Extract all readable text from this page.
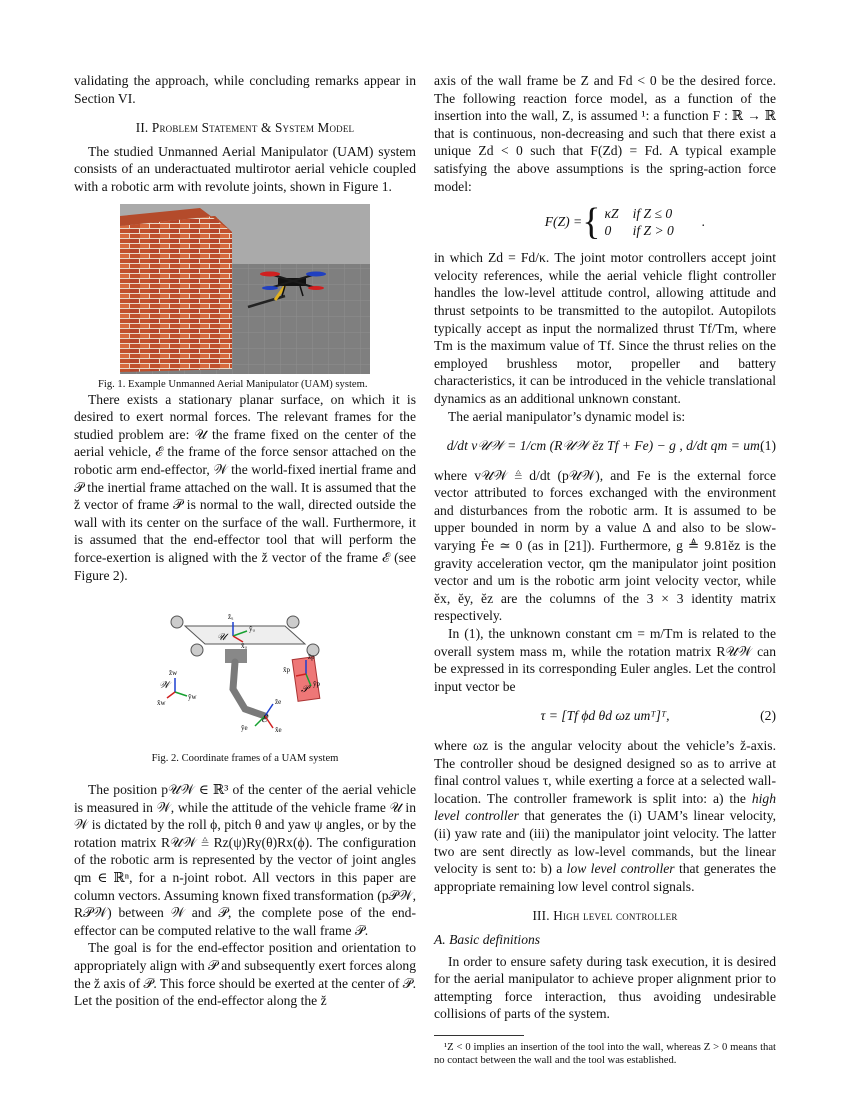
validating the approach, while concluding remarks appear in Section VI.

II. Problem Statement & System Model

The studied Unmanned Aerial Manipulator (UAM) system consists of an underactuated multirotor aerial vehicle coupled with a robotic arm with revolute joints, shown in Figure 1.

Fig. 1. Example Unmanned Aerial Manipulator (UAM) system.

There exists a stationary planar surface, on which it is desired to exert normal forces. The relevant frames for the studied problem are: 𝒰 the frame fixed on the center of the aerial vehicle, ℰ the frame of the force sensor attached on the robotic arm end-effector, 𝒲 the world-fixed inertial frame and 𝒫 the inertial frame attached on the wall. It is assumed that the z̆ vector of frame 𝒫 is normal to the wall, directed outside the wall with its center on the surface of the wall. Furthermore, it is assumed that the end-effector tool that will perform the force-exertion is aligned with the z̆ vector of the frame ℰ (see Figure 2).

𝒰
z̆ᵤ
y̆ᵤ
x̆ᵤ
𝒲
z̆w
y̆w
x̆w
𝒫
z̆p
y̆p
x̆p
ℰ
z̆e
y̆e	x̆e
Fig. 2. Coordinate frames of a UAM system

The position p𝒰𝒲 ∈ ℝ³ of the center of the aerial vehicle is measured in 𝒲, while the attitude of the vehicle frame 𝒰 in 𝒲 is dictated by the roll ϕ, pitch θ and yaw ψ angles, or by the rotation matrix R𝒰𝒲 ≜ Rz(ψ)Ry(θ)Rx(ϕ). The configuration of the robotic arm is represented by the vector of joint angles qm ∈ ℝⁿ, for a n-joint robot. All vectors in this paper are column vectors. Assuming known fixed transformation (p𝒫𝒲, R𝒫𝒲) between 𝒲 and 𝒫, the complete pose of the end-effector can be computed relative to the wall frame 𝒫.

The goal is for the end-effector position and orientation to appropriately align with 𝒫 and subsequently exert forces along the z̆ axis of 𝒫. This force should be exerted at the center of 𝒫. Let the position of the end-effector along the z̆

axis of the wall frame be Z and Fd < 0 be the desired force. The following reaction force model, as a function of the insertion into the wall, Z, is assumed ¹: a function F : ℝ → ℝ that is continuous, non-decreasing and such that there exist a unique Zd < 0 such that F(Zd) = Fd. A typical example satisfying the above assumptions is the spring-action force model:

F(Z) = { κZ if Z ≤ 0
0	if Z > 0
.

in which Zd = Fd/κ. The joint motor controllers accept joint velocity references, while the aerial vehicle flight controller handles the low-level attitude control, allowing attitude and thrust setpoints to be transmitted to the autopilot. Autopilots typically accept as input the normalized thrust Tf/Tm, where Tm is the maximum value of Tf. Since the thrust relies on the employed brushless motor, propeller and battery characteristics, it can be introduced in the vehicle translational dynamics as an additional unknown constant.

The aerial manipulator’s dynamic model is:

d/dt v𝒰𝒲 = 1/cm (R𝒰𝒲 ĕz Tf + Fe) − g , d/dt qm = um,
(1)

where v𝒰𝒲 ≜ d/dt (p𝒰𝒲), and Fe is the external force vector attributed to forces exchanged with the environment and disturbances from the robotic arm. It is assumed to be upper bounded in norm by a value Δ and also to be slow-varying Ḟe ≃ 0 (as in [21]). Furthermore, g ≜ 9.81ĕz is the gravity acceleration vector, qm the manipulator joint position vector and um is the robotic arm joint velocity vector, while ĕx, ĕy, ĕz are the columns of the 3 × 3 identity matrix respectively.

In (1), the unknown constant cm = m/Tm is related to the overall system mass m, while the rotation matrix R𝒰𝒲 can be expressed in its corresponding Euler angles. Let the control input vector be

τ = [Tf ϕd θd ωz umᵀ]ᵀ,	(2)

where ωz is the angular velocity about the vehicle’s z̆-axis. The controller shoud be designed designed so as to arrive at final control values τ, while exerting a force at a selected wall-location. The controller framework is split into: a) the high level controller that generates the (i) UAM’s linear velocity, (ii) yaw rate and (iii) the manipulator joint velocity. The latter two are sent directly as low-level commands, but the linear velocity is sent to: b) a low level controller that generates the appropriate remaining low level control signals.

III. High level controller
A. Basic definitions

In order to ensure safety during task execution, it is desired for the aerial manipulator to achieve proper alignment prior to attempting force interaction, thus avoiding undesirable collisions of parts of the system.

¹Z < 0 implies an insertion of the tool into the wall, whereas Z > 0 means that no contact between the wall and the tool was established.
